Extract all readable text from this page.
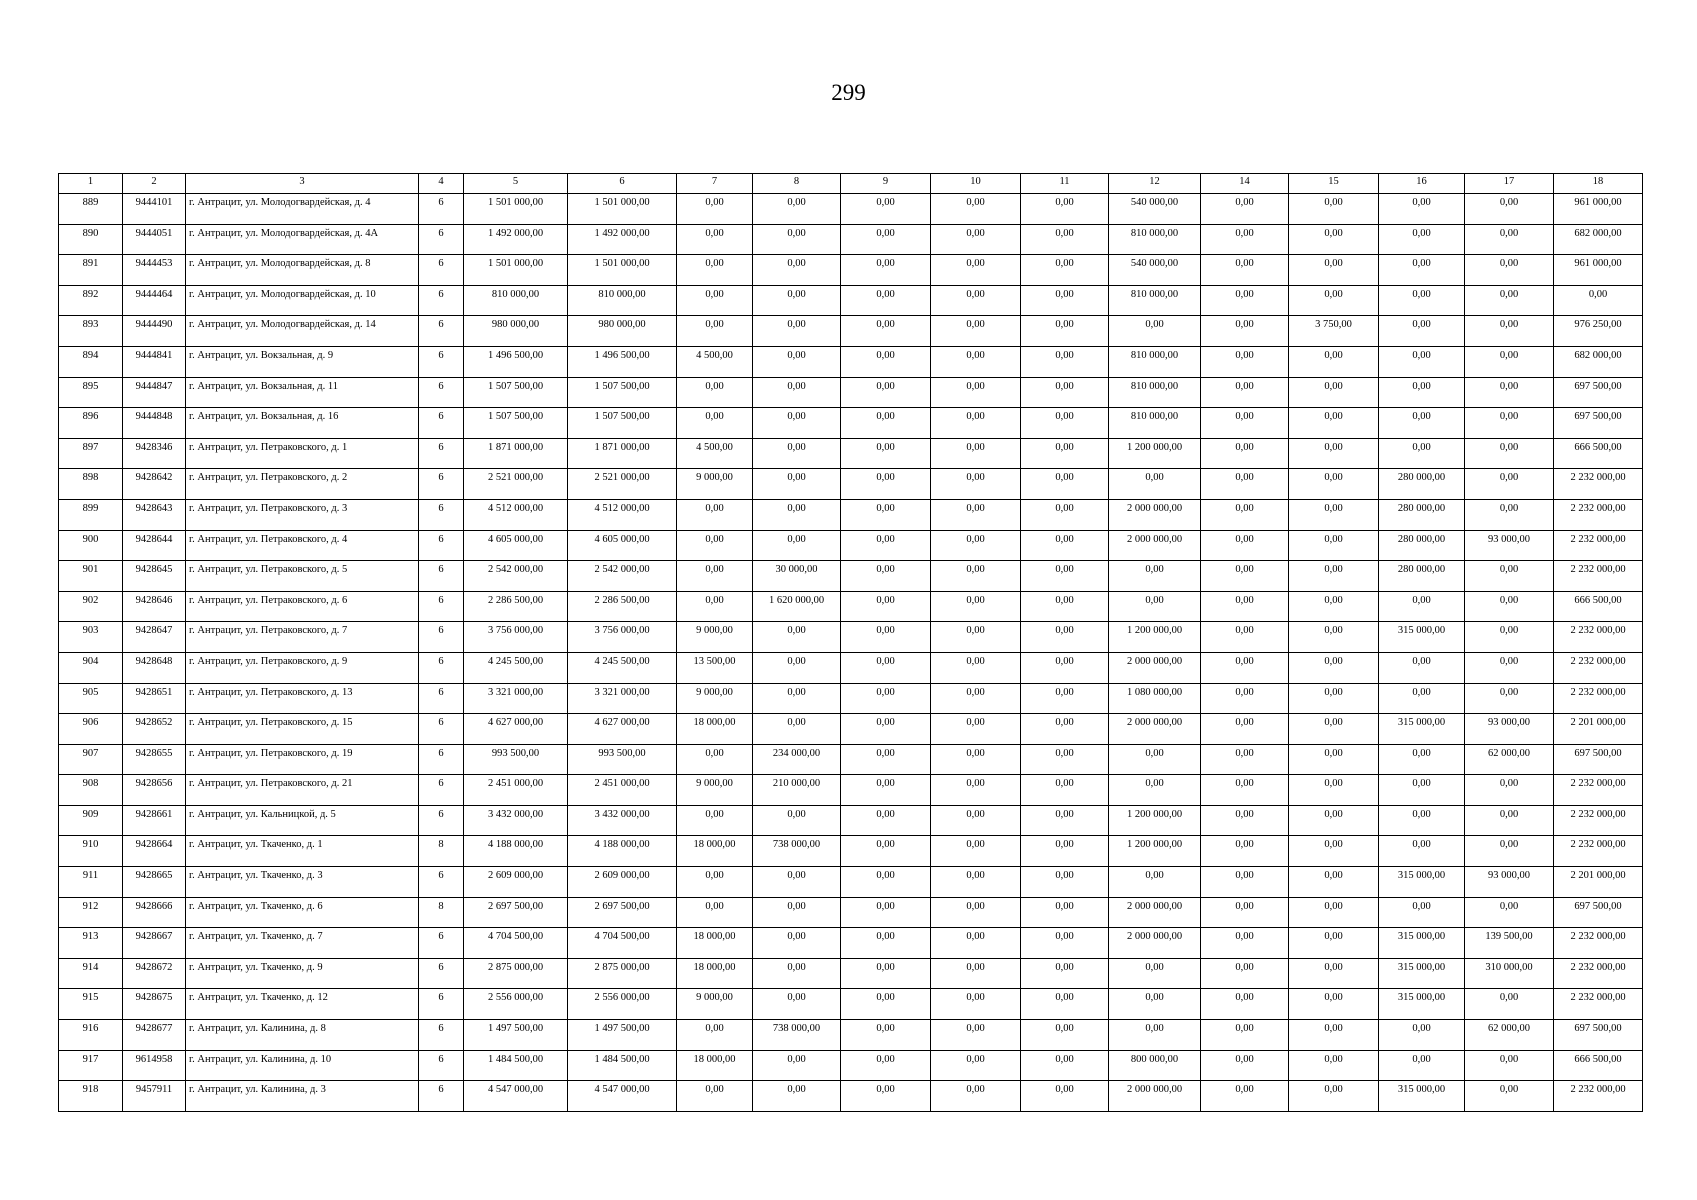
299
1	2	3	4	5	6	7	8	9	10	11	12	14	15	16	17	18
889	9444101	г. Антрацит, ул. Молодогвардейская, д. 4	6	1 501 000,00	1 501 000,00	0,00	0,00	0,00	0,00	0,00	540 000,00	0,00	0,00	0,00	0,00	961 000,00
890	9444051	г. Антрацит, ул. Молодогвардейская, д. 4А	6	1 492 000,00	1 492 000,00	0,00	0,00	0,00	0,00	0,00	810 000,00	0,00	0,00	0,00	0,00	682 000,00
891	9444453	г. Антрацит, ул. Молодогвардейская, д. 8	6	1 501 000,00	1 501 000,00	0,00	0,00	0,00	0,00	0,00	540 000,00	0,00	0,00	0,00	0,00	961 000,00
892	9444464	г. Антрацит, ул. Молодогвардейская, д. 10	6	810 000,00	810 000,00	0,00	0,00	0,00	0,00	0,00	810 000,00	0,00	0,00	0,00	0,00	0,00
893	9444490	г. Антрацит, ул. Молодогвардейская, д. 14	6	980 000,00	980 000,00	0,00	0,00	0,00	0,00	0,00	0,00	0,00	3 750,00	0,00	0,00	976 250,00
894	9444841	г. Антрацит, ул. Вокзальная, д. 9	6	1 496 500,00	1 496 500,00	4 500,00	0,00	0,00	0,00	0,00	810 000,00	0,00	0,00	0,00	0,00	682 000,00
895	9444847	г. Антрацит, ул. Вокзальная, д. 11	6	1 507 500,00	1 507 500,00	0,00	0,00	0,00	0,00	0,00	810 000,00	0,00	0,00	0,00	0,00	697 500,00
896	9444848	г. Антрацит, ул. Вокзальная, д. 16	6	1 507 500,00	1 507 500,00	0,00	0,00	0,00	0,00	0,00	810 000,00	0,00	0,00	0,00	0,00	697 500,00
897	9428346	г. Антрацит, ул. Петраковского, д. 1	6	1 871 000,00	1 871 000,00	4 500,00	0,00	0,00	0,00	0,00	1 200 000,00	0,00	0,00	0,00	0,00	666 500,00
898	9428642	г. Антрацит, ул. Петраковского, д. 2	6	2 521 000,00	2 521 000,00	9 000,00	0,00	0,00	0,00	0,00	0,00	0,00	0,00	280 000,00	0,00	2 232 000,00
899	9428643	г. Антрацит, ул. Петраковского, д. 3	6	4 512 000,00	4 512 000,00	0,00	0,00	0,00	0,00	0,00	2 000 000,00	0,00	0,00	280 000,00	0,00	2 232 000,00
900	9428644	г. Антрацит, ул. Петраковского, д. 4	6	4 605 000,00	4 605 000,00	0,00	0,00	0,00	0,00	0,00	2 000 000,00	0,00	0,00	280 000,00	93 000,00	2 232 000,00
901	9428645	г. Антрацит, ул. Петраковского, д. 5	6	2 542 000,00	2 542 000,00	0,00	30 000,00	0,00	0,00	0,00	0,00	0,00	0,00	280 000,00	0,00	2 232 000,00
902	9428646	г. Антрацит, ул. Петраковского, д. 6	6	2 286 500,00	2 286 500,00	0,00	1 620 000,00	0,00	0,00	0,00	0,00	0,00	0,00	0,00	0,00	666 500,00
903	9428647	г. Антрацит, ул. Петраковского, д. 7	6	3 756 000,00	3 756 000,00	9 000,00	0,00	0,00	0,00	0,00	1 200 000,00	0,00	0,00	315 000,00	0,00	2 232 000,00
904	9428648	г. Антрацит, ул. Петраковского, д. 9	6	4 245 500,00	4 245 500,00	13 500,00	0,00	0,00	0,00	0,00	2 000 000,00	0,00	0,00	0,00	0,00	2 232 000,00
905	9428651	г. Антрацит, ул. Петраковского, д. 13	6	3 321 000,00	3 321 000,00	9 000,00	0,00	0,00	0,00	0,00	1 080 000,00	0,00	0,00	0,00	0,00	2 232 000,00
906	9428652	г. Антрацит, ул. Петраковского, д. 15	6	4 627 000,00	4 627 000,00	18 000,00	0,00	0,00	0,00	0,00	2 000 000,00	0,00	0,00	315 000,00	93 000,00	2 201 000,00
907	9428655	г. Антрацит, ул. Петраковского, д. 19	6	993 500,00	993 500,00	0,00	234 000,00	0,00	0,00	0,00	0,00	0,00	0,00	0,00	62 000,00	697 500,00
908	9428656	г. Антрацит, ул. Петраковского, д. 21	6	2 451 000,00	2 451 000,00	9 000,00	210 000,00	0,00	0,00	0,00	0,00	0,00	0,00	0,00	0,00	2 232 000,00
909	9428661	г. Антрацит, ул. Кальницкой, д. 5	6	3 432 000,00	3 432 000,00	0,00	0,00	0,00	0,00	0,00	1 200 000,00	0,00	0,00	0,00	0,00	2 232 000,00
910	9428664	г. Антрацит, ул. Ткаченко, д. 1	8	4 188 000,00	4 188 000,00	18 000,00	738 000,00	0,00	0,00	0,00	1 200 000,00	0,00	0,00	0,00	0,00	2 232 000,00
911	9428665	г. Антрацит, ул. Ткаченко, д. 3	6	2 609 000,00	2 609 000,00	0,00	0,00	0,00	0,00	0,00	0,00	0,00	0,00	315 000,00	93 000,00	2 201 000,00
912	9428666	г. Антрацит, ул. Ткаченко, д. 6	8	2 697 500,00	2 697 500,00	0,00	0,00	0,00	0,00	0,00	2 000 000,00	0,00	0,00	0,00	0,00	697 500,00
913	9428667	г. Антрацит, ул. Ткаченко, д. 7	6	4 704 500,00	4 704 500,00	18 000,00	0,00	0,00	0,00	0,00	2 000 000,00	0,00	0,00	315 000,00	139 500,00	2 232 000,00
914	9428672	г. Антрацит, ул. Ткаченко, д. 9	6	2 875 000,00	2 875 000,00	18 000,00	0,00	0,00	0,00	0,00	0,00	0,00	0,00	315 000,00	310 000,00	2 232 000,00
915	9428675	г. Антрацит, ул. Ткаченко, д. 12	6	2 556 000,00	2 556 000,00	9 000,00	0,00	0,00	0,00	0,00	0,00	0,00	0,00	315 000,00	0,00	2 232 000,00
916	9428677	г. Антрацит, ул. Калинина, д. 8	6	1 497 500,00	1 497 500,00	0,00	738 000,00	0,00	0,00	0,00	0,00	0,00	0,00	0,00	62 000,00	697 500,00
917	9614958	г. Антрацит, ул. Калинина, д. 10	6	1 484 500,00	1 484 500,00	18 000,00	0,00	0,00	0,00	0,00	800 000,00	0,00	0,00	0,00	0,00	666 500,00
918	9457911	г. Антрацит, ул. Калинина, д. 3	6	4 547 000,00	4 547 000,00	0,00	0,00	0,00	0,00	0,00	2 000 000,00	0,00	0,00	315 000,00	0,00	2 232 000,00
